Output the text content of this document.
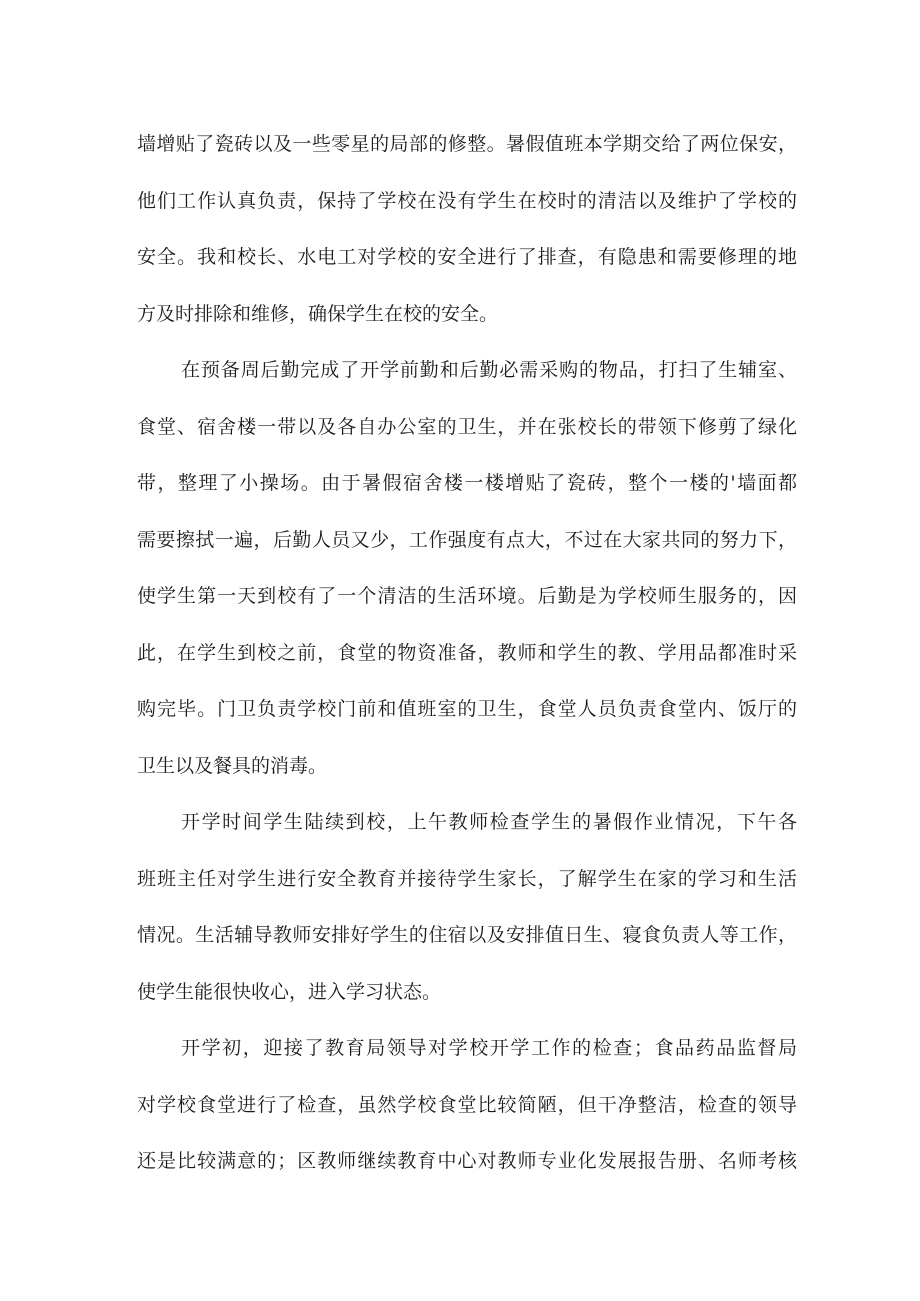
墙增贴了瓷砖以及一些零星的局部的修整。暑假值班本学期交给了两位保安，
他们工作认真负责，保持了学校在没有学生在校时的清洁以及维护了学校的
安全。我和校长、水电工对学校的安全进行了排查，有隐患和需要修理的地
方及时排除和维修，确保学生在校的安全。
在预备周后勤完成了开学前勤和后勤必需采购的物品，打扫了生辅室、
食堂、宿舍楼一带以及各自办公室的卫生，并在张校长的带领下修剪了绿化
带，整理了小操场。由于暑假宿舍楼一楼增贴了瓷砖，整个一楼的'墙面都
需要擦拭一遍，后勤人员又少，工作强度有点大，不过在大家共同的努力下，
使学生第一天到校有了一个清洁的生活环境。后勤是为学校师生服务的，因
此，在学生到校之前，食堂的物资准备，教师和学生的教、学用品都准时采
购完毕。门卫负责学校门前和值班室的卫生，食堂人员负责食堂内、饭厅的
卫生以及餐具的消毒。
开学时间学生陆续到校，上午教师检查学生的暑假作业情况，下午各
班班主任对学生进行安全教育并接待学生家长，了解学生在家的学习和生活
情况。生活辅导教师安排好学生的住宿以及安排值日生、寝食负责人等工作，
使学生能很快收心，进入学习状态。
开学初，迎接了教育局领导对学校开学工作的检查；食品药品监督局
对学校食堂进行了检查，虽然学校食堂比较简陋，但干净整洁，检查的领导
还是比较满意的；区教师继续教育中心对教师专业化发展报告册、名师考核
